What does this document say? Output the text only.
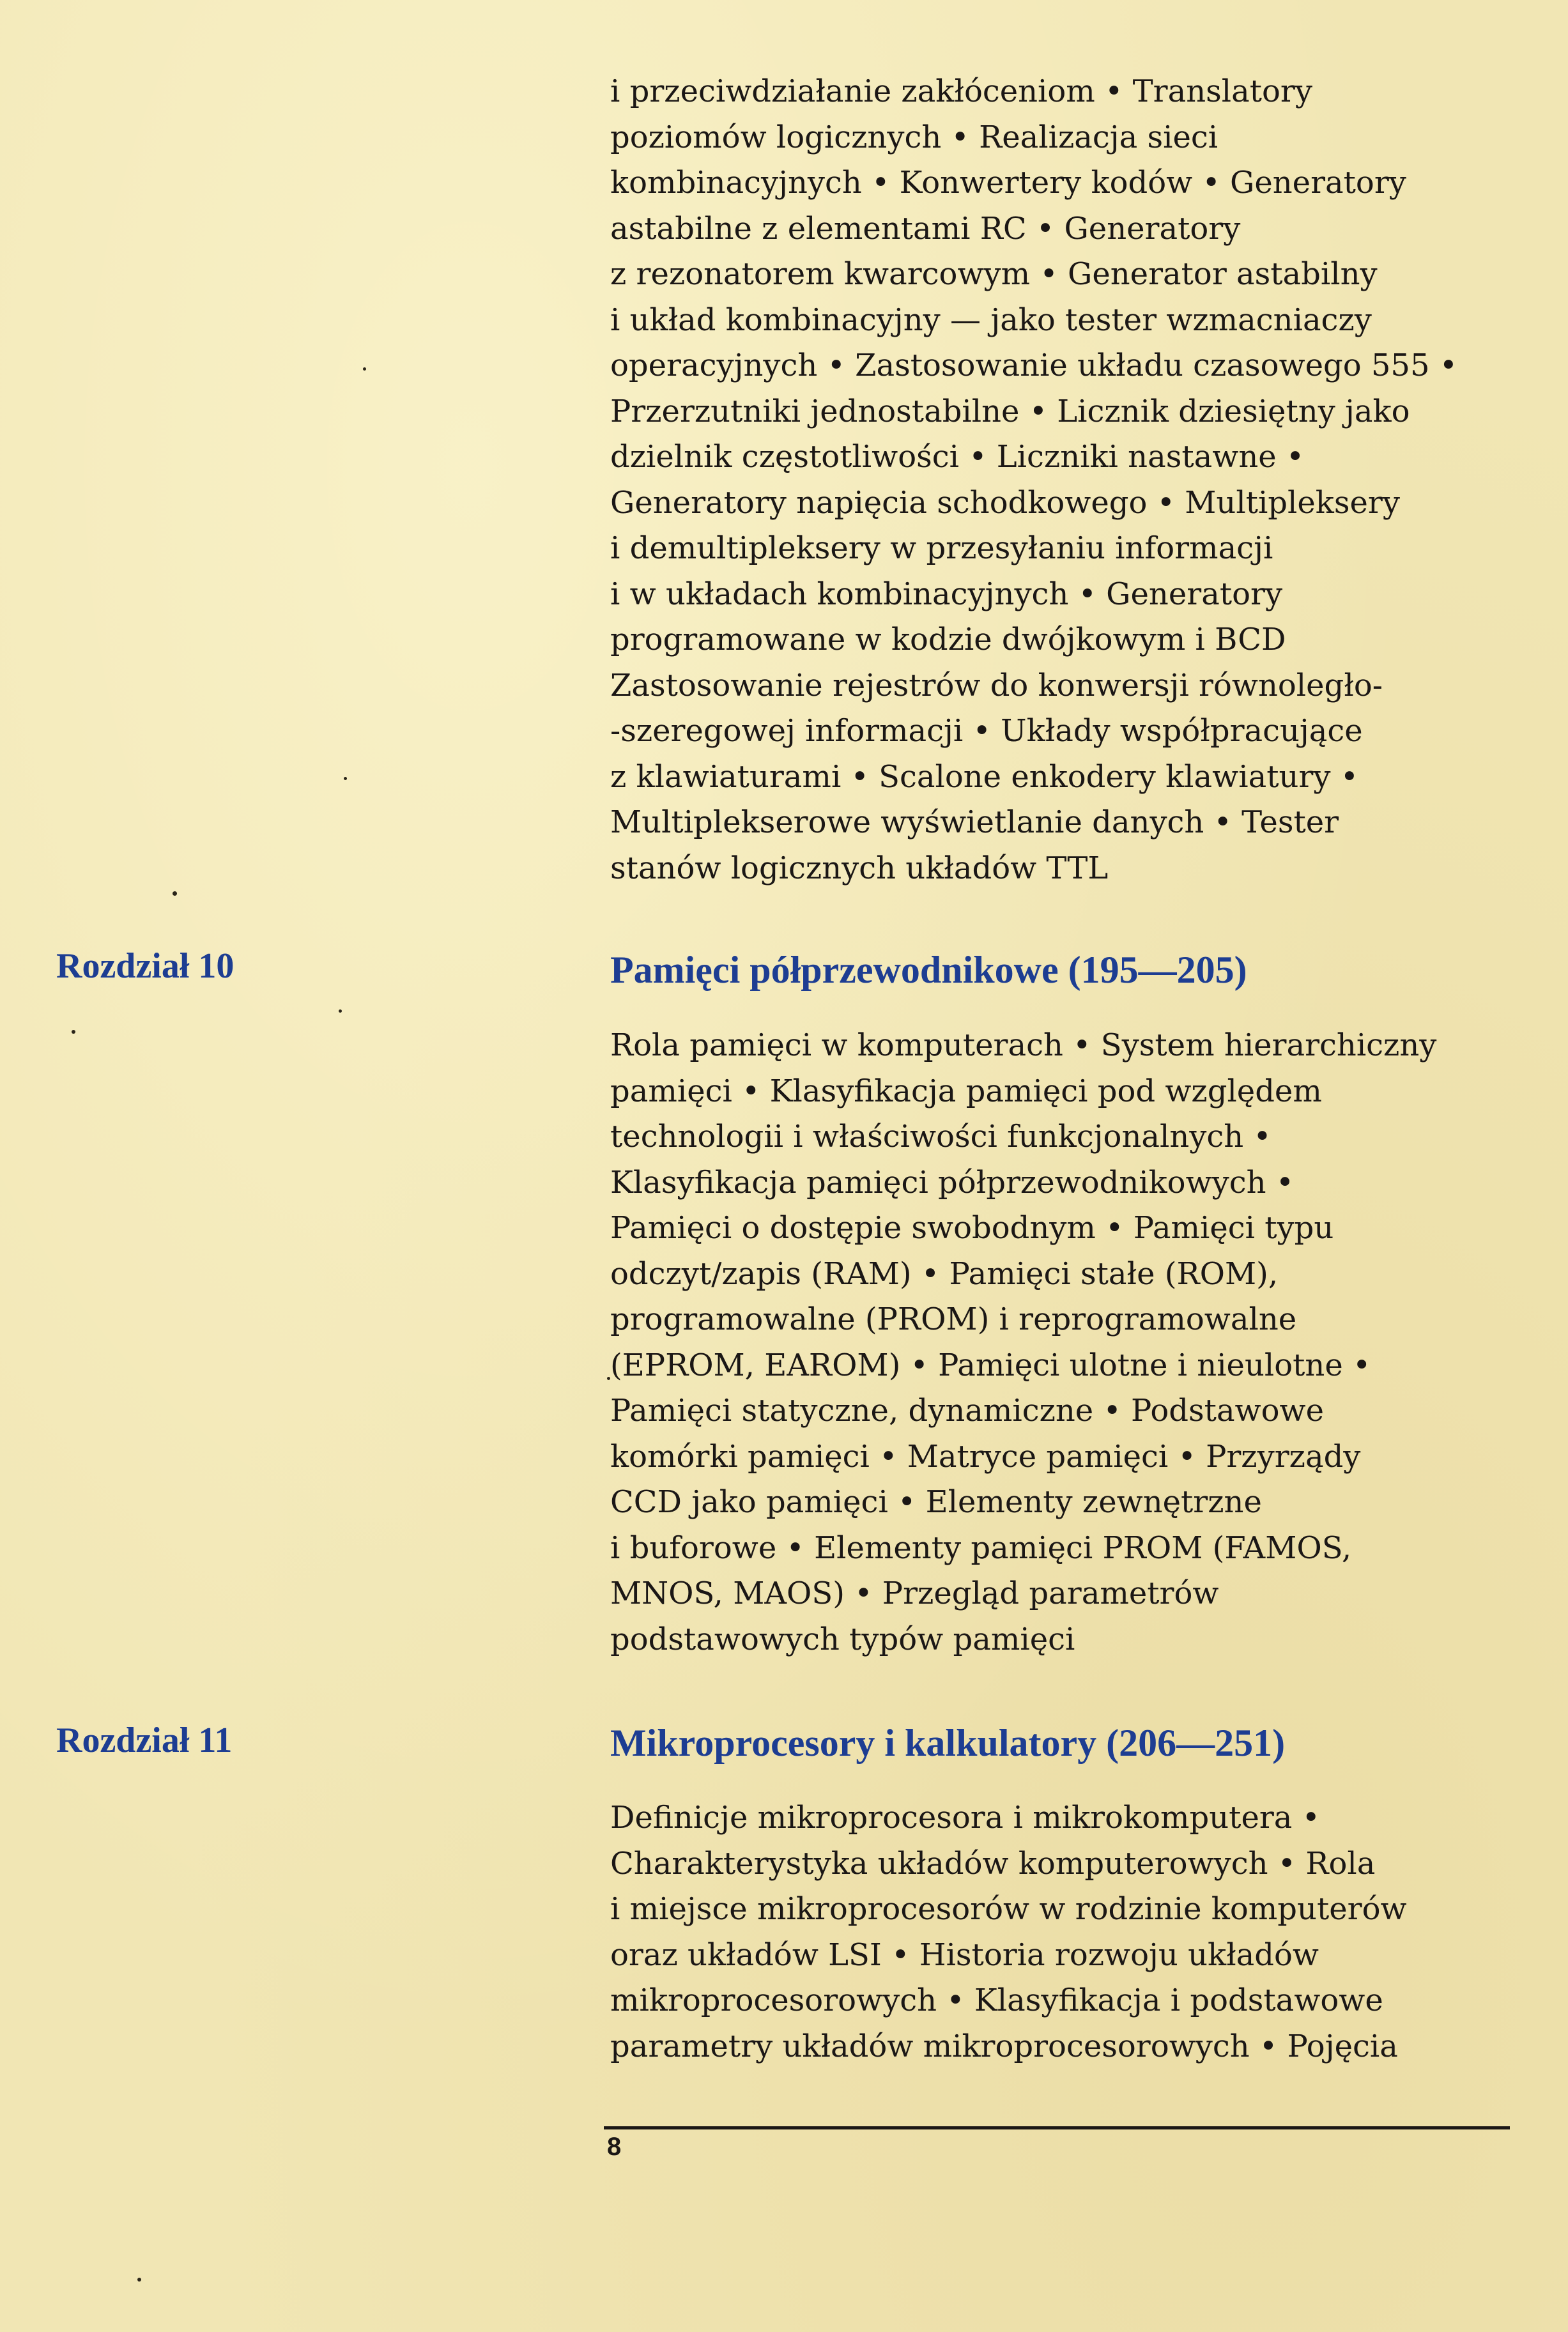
i przeciwdziałanie zakłóceniom • Translatory
poziomów logicznych • Realizacja sieci
kombinacyjnych • Konwertery kodów • Generatory
astabilne z elementami RC • Generatory
z rezonatorem kwarcowym • Generator astabilny
i układ kombinacyjny — jako tester wzmacniaczy
operacyjnych • Zastosowanie układu czasowego 555 •
Przerzutniki jednostabilne • Licznik dziesiętny jako
dzielnik częstotliwości • Liczniki nastawne •
Generatory napięcia schodkowego • Multipleksery
i demultipleksery w przesyłaniu informacji
i w układach kombinacyjnych • Generatory
programowane w kodzie dwójkowym i BCD
Zastosowanie rejestrów do konwersji równoległo-
-szeregowej informacji • Układy współpracujące
z klawiaturami • Scalone enkodery klawiatury •
Multiplekserowe wyświetlanie danych • Tester
stanów logicznych układów TTL
Rozdział 10	Pamięci półprzewodnikowe (195—205)
Rola pamięci w komputerach • System hierarchiczny
pamięci • Klasyfikacja pamięci pod względem
technologii i właściwości funkcjonalnych •
Klasyfikacja pamięci półprzewodnikowych •
Pamięci o dostępie swobodnym • Pamięci typu
odczyt/zapis (RAM) • Pamięci stałe (ROM),
programowalne (PROM) i reprogramowalne
(EPROM, EAROM) • Pamięci ulotne i nieulotne •
Pamięci statyczne, dynamiczne • Podstawowe
komórki pamięci • Matryce pamięci • Przyrządy
CCD jako pamięci • Elementy zewnętrzne
i buforowe • Elementy pamięci PROM (FAMOS,
MNOS, MAOS) • Przegląd parametrów
podstawowych typów pamięci
Rozdział 11	Mikroprocesory i kalkulatory (206—251)
Definicje mikroprocesora i mikrokomputera •
Charakterystyka układów komputerowych • Rola
i miejsce mikroprocesorów w rodzinie komputerów
oraz układów LSI • Historia rozwoju układów
mikroprocesorowych • Klasyfikacja i podstawowe
parametry układów mikroprocesorowych • Pojęcia
8
